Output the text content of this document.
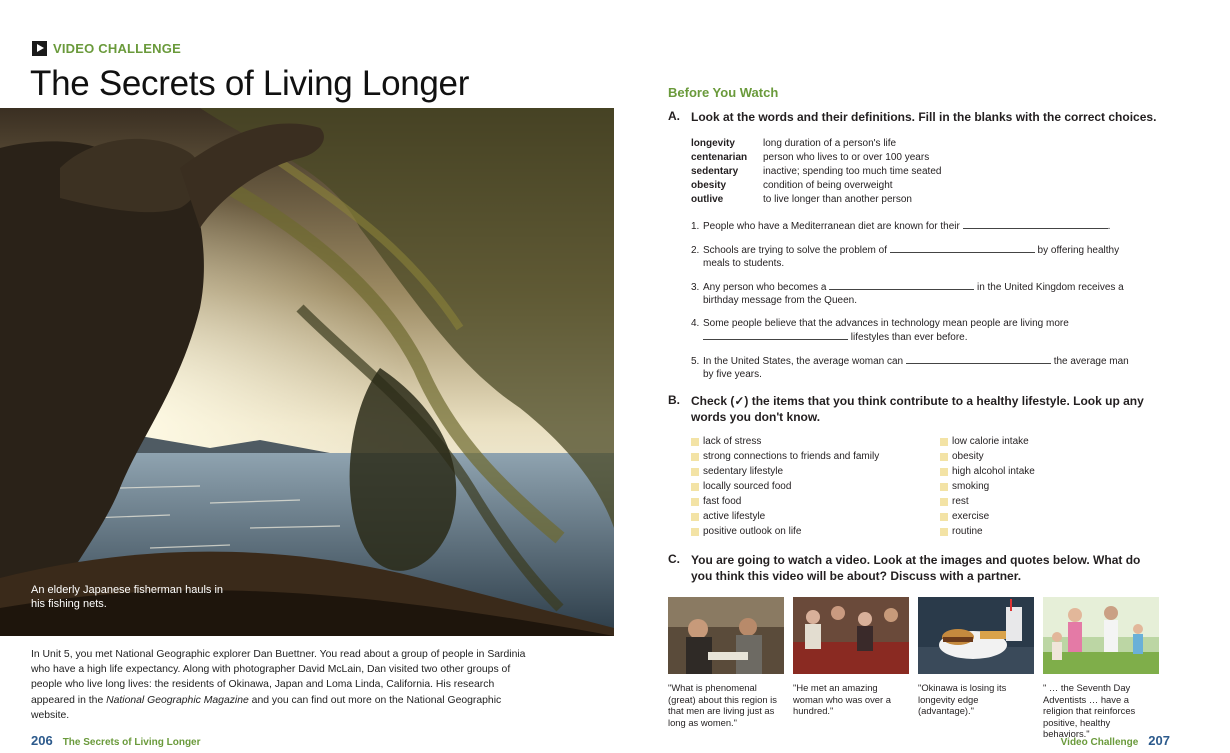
VIDEO CHALLENGE
The Secrets of Living Longer
An elderly Japanese fisherman hauls in his fishing nets.
In Unit 5, you met National Geographic explorer Dan Buettner. You read about a group of people in Sardinia who have a high life expectancy. Along with photographer David McLain, Dan visited two other groups of people who live long lives: the residents of Okinawa, Japan and Loma Linda, California. His research appeared in the National Geographic Magazine and you can find out more on the National Geographic website.
206 The Secrets of Living Longer
Before You Watch
A. Look at the words and their definitions. Fill in the blanks with the correct choices.
longevity	long duration of a person's life
centenarian	person who lives to or over 100 years
sedentary	inactive; spending too much time seated
obesity	condition of being overweight
outlive	to live longer than another person
1. People who have a Mediterranean diet are known for their	.
2. Schools are trying to solve the problem of	by offering healthy
meals to students.
3. Any person who becomes a	in the United Kingdom receives a
birthday message from the Queen.
4. Some people believe that the advances in technology mean people are living more
lifestyles than ever before.
5. In the United States, the average woman can	the average man
by five years.
B. Check (✓) the items that you think contribute to a healthy lifestyle. Look up any words you don't know.
lack of stress
strong connections to friends and family
sedentary lifestyle
locally sourced food
fast food
active lifestyle
positive outlook on life
low calorie intake
obesity
high alcohol intake
smoking
rest
exercise
routine
C. You are going to watch a video. Look at the images and quotes below. What do you think this video will be about? Discuss with a partner.
"What is phenomenal (great) about this region is that men are living just as long as women."
"He met an amazing woman who was over a hundred."
"Okinawa is losing its longevity edge (advantage)."
" … the Seventh Day Adventists … have a religion that reinforces positive, healthy behaviors."
Video Challenge 207
